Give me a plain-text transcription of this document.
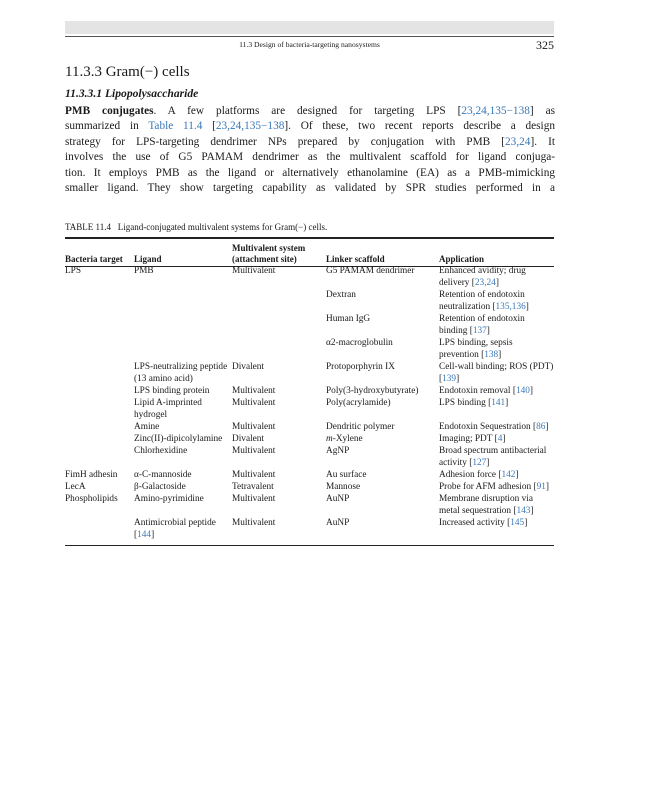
11.3 Design of bacteria-targeting nanosystems	325
11.3.3 Gram(−) cells
11.3.3.1 Lipopolysaccharide
PMB conjugates. A few platforms are designed for targeting LPS [23,24,135−138] as
summarized in Table 11.4 [23,24,135−138]. Of these, two recent reports describe a design
strategy for LPS-targeting dendrimer NPs prepared by conjugation with PMB [23,24]. It
involves the use of G5 PAMAM dendrimer as the multivalent scaffold for ligand conjuga-
tion. It employs PMB as the ligand or alternatively ethanolamine (EA) as a PMB-mimicking
smaller ligand. They show targeting capability as validated by SPR studies performed in a
TABLE 11.4 Ligand-conjugated multivalent systems for Gram(−) cells.
Bacteria target	Ligand	Multivalent system (attachment site)	Linker scaffold	Application
LPS	PMB	Multivalent	G5 PAMAM dendrimer	Enhanced avidity; drug delivery [23,24]
			Dextran	Retention of endotoxin neutralization [135,136]
			Human IgG	Retention of endotoxin binding [137]
			α2-macroglobulin	LPS binding, sepsis prevention [138]
	LPS-neutralizing peptide (13 amino acid)	Divalent	Protoporphyrin IX	Cell-wall binding; ROS (PDT) [139]
	LPS binding protein	Multivalent	Poly(3-hydroxybutyrate)	Endotoxin removal [140]
	Lipid A-imprinted hydrogel	Multivalent	Poly(acrylamide)	LPS binding [141]
	Amine	Multivalent	Dendritic polymer	Endotoxin Sequestration [86]
	Zinc(II)-dipicolylamine	Divalent	m-Xylene	Imaging; PDT [4]
	Chlorhexidine	Multivalent	AgNP	Broad spectrum antibacterial activity [127]
FimH adhesin	α-C-mannoside	Multivalent	Au surface	Adhesion force [142]
LecA	β-Galactoside	Tetravalent	Mannose	Probe for AFM adhesion [91]
Phospholipids	Amino-pyrimidine	Multivalent	AuNP	Membrane disruption via metal sequestration [143]
	Antimicrobial peptide [144]	Multivalent	AuNP	Increased activity [145]
